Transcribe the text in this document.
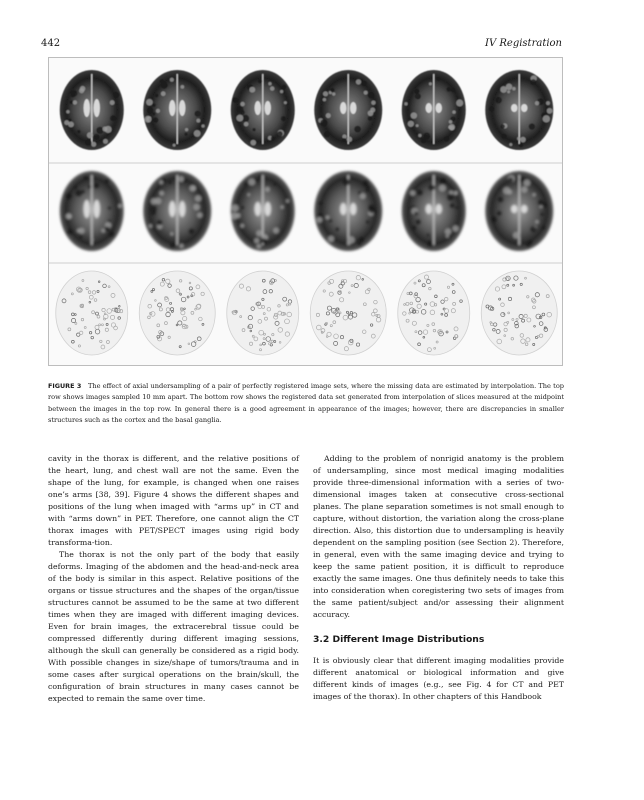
442	IV Registration
FIGURE 3 The effect of axial undersampling of a pair of perfectly registered image sets, where the missing data are estimated by interpolation. The top row shows images sampled 10 mm apart. The bottom row shows the registered data set generated from interpolation of slices measured at the midpoint between the images in the top row. In general there is a good agreement in appearance of the images; however, there are discrepancies in smaller structures such as the cortex and the basal ganglia.

cavity in the thorax is different, and the relative positions of the heart, lung, and chest wall are not the same. Even the shape of the lung, for example, is changed when one raises one’s arms [38, 39]. Figure 4 shows the different shapes and positions of the lung when imaged with “arms up” in CT and with “arms down” in PET. Therefore, one cannot align the CT thorax images with PET/SPECT images using rigid body transforma-tion.

The thorax is not the only part of the body that easily deforms. Imaging of the abdomen and the head-and-neck area of the body is similar in this aspect. Relative positions of the organs or tissue structures and the shapes of the organ/tissue structures cannot be assumed to be the same at two different times when they are imaged with different imaging devices. Even for brain images, the extracerebral tissue could be compressed differently during different imaging sessions, although the skull can generally be considered as a rigid body. With possible changes in size/shape of tumors/trauma and in some cases after surgical operations on the brain/skull, the configuration of brain structures in many cases cannot be expected to remain the same over time.

Adding to the problem of nonrigid anatomy is the problem of undersampling, since most medical imaging modalities provide three-dimensional information with a series of two-dimensional images taken at consecutive cross-sectional planes. The plane separation sometimes is not small enough to capture, without distortion, the variation along the cross-plane direction. Also, this distortion due to undersampling is heavily dependent on the sampling position (see Section 2). Therefore, in general, even with the same imaging device and trying to keep the same patient position, it is difficult to reproduce exactly the same images. One thus definitely needs to take this into consideration when coregistering two sets of images from the same patient/subject and/or assessing their alignment accuracy.

3.2 Different Image Distributions

It is obviously clear that different imaging modalities provide different anatomical or biological information and give different kinds of images (e.g., see Fig. 4 for CT and PET images of the thorax). In other chapters of this Handbook
